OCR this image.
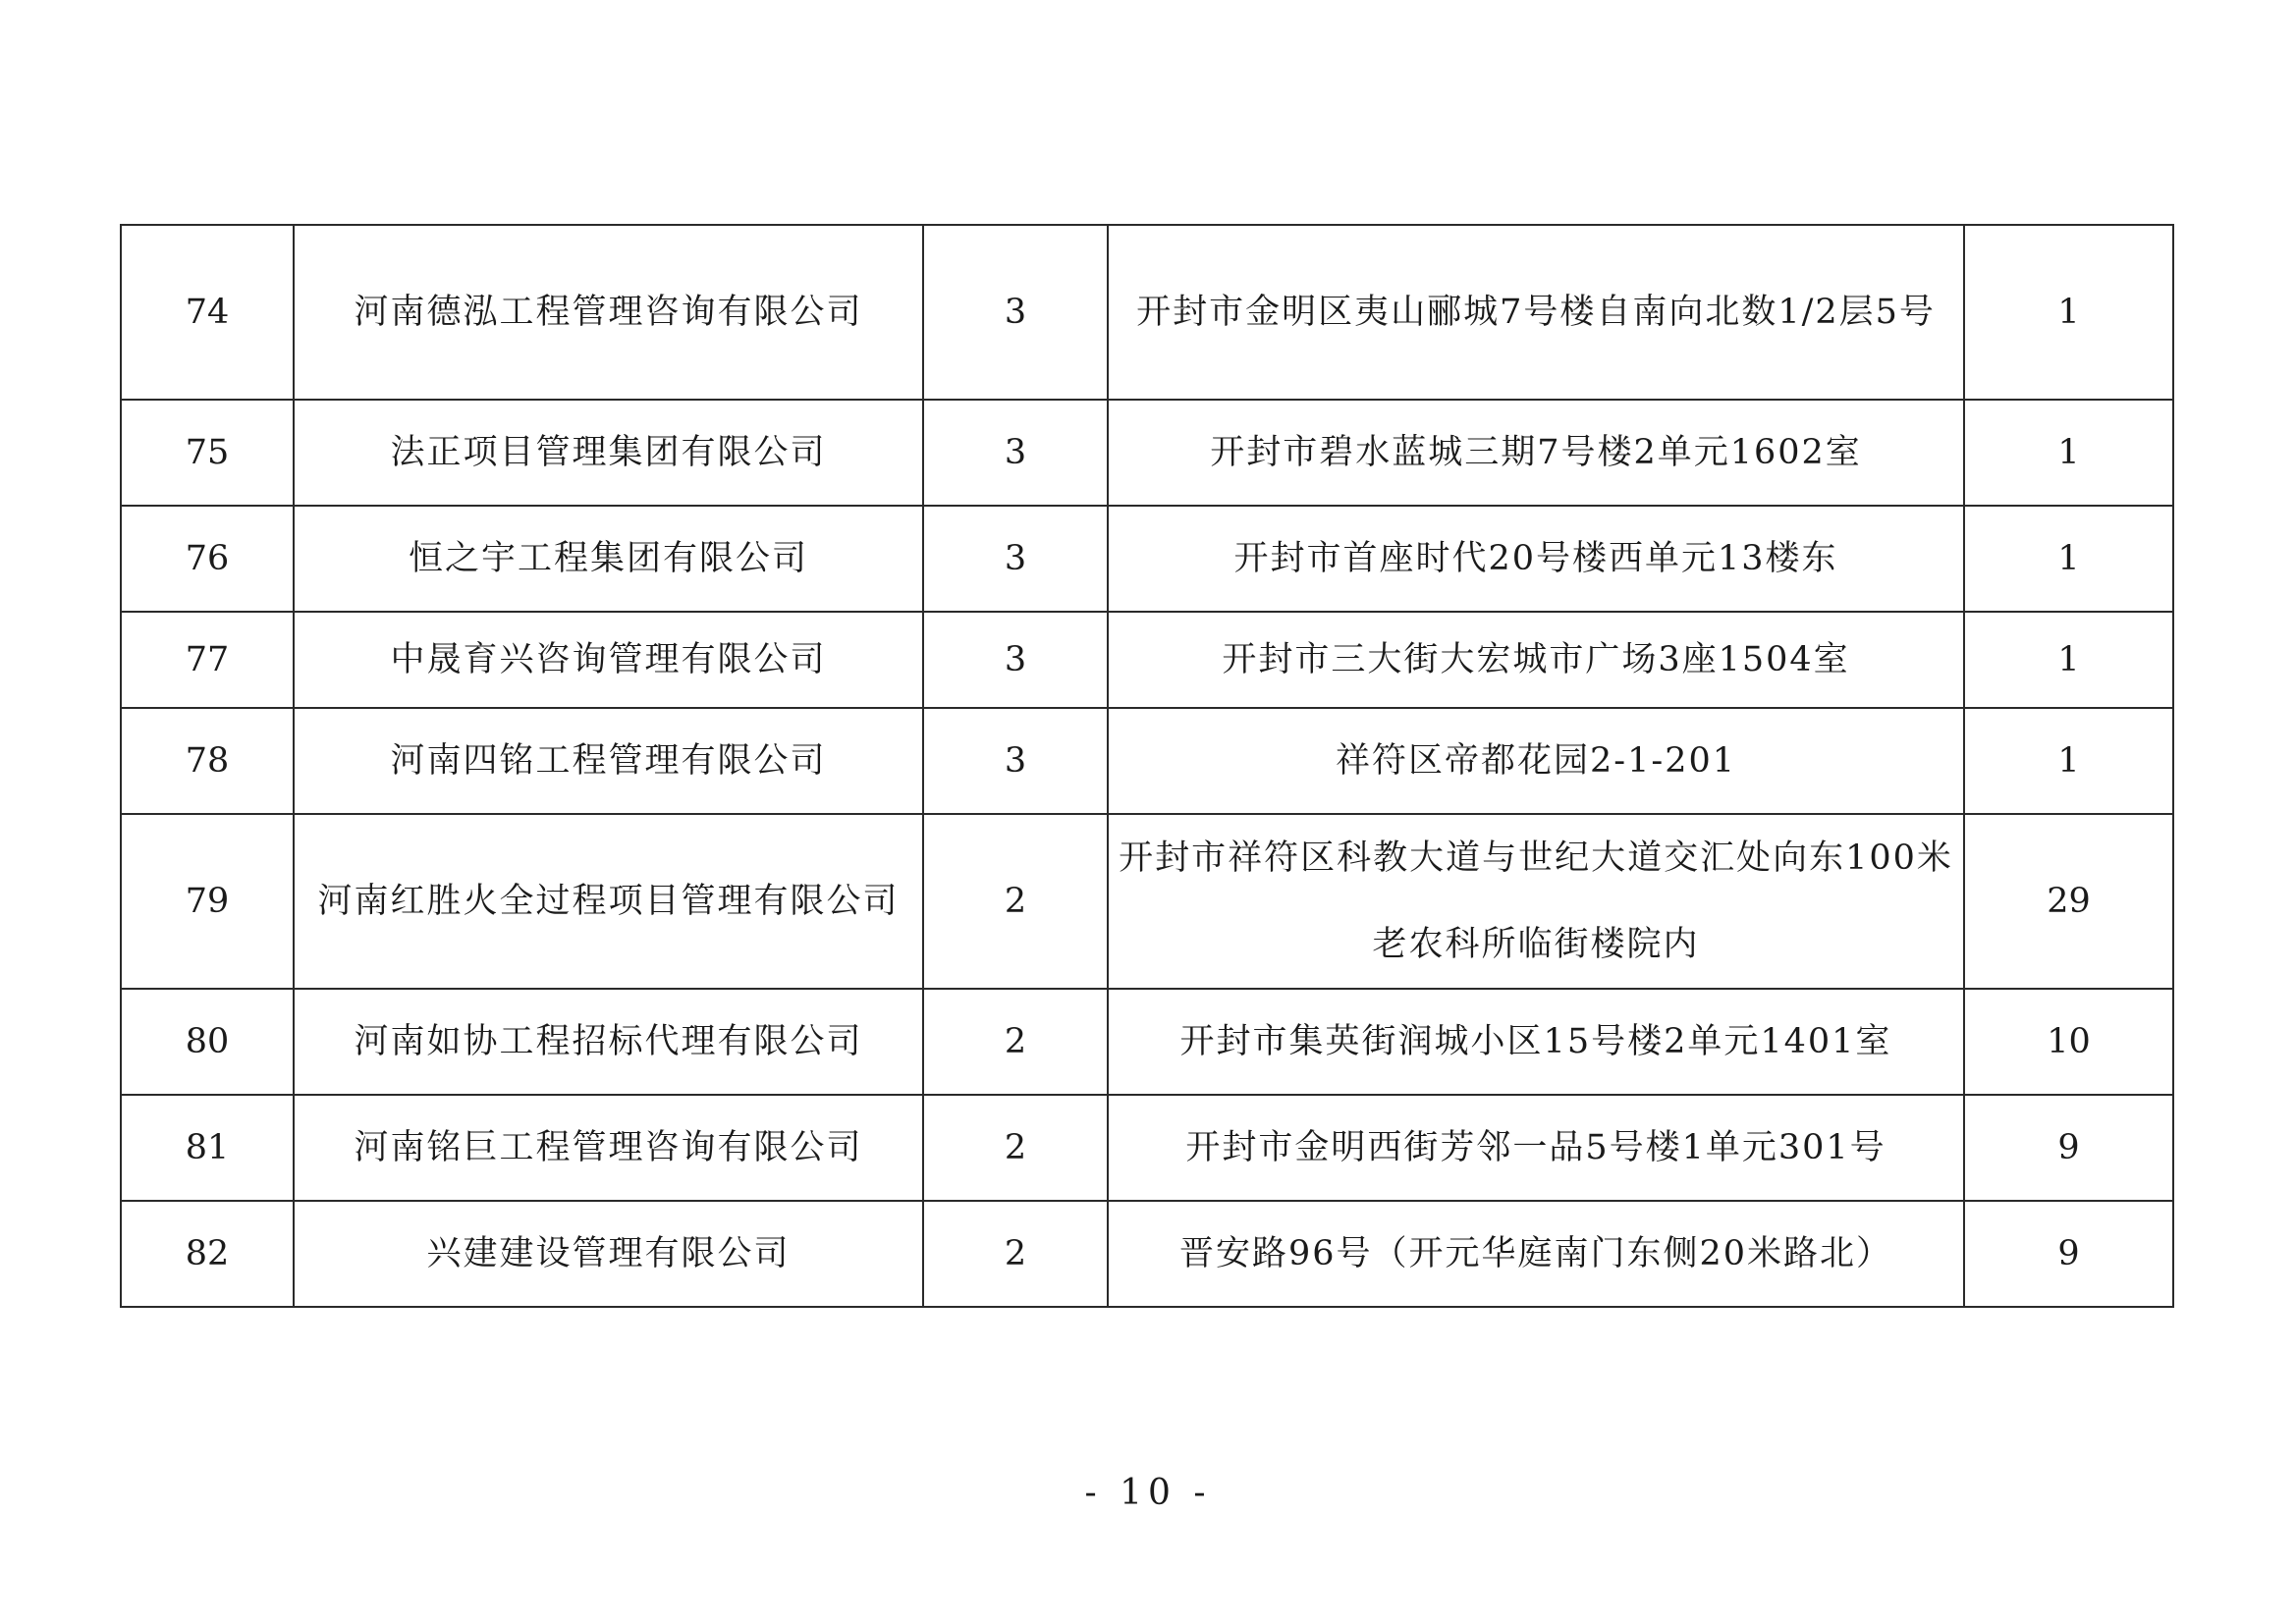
74	河南德泓工程管理咨询有限公司	3	开封市金明区夷山郦城7号楼自南向北数1/2层5号	1
75	法正项目管理集团有限公司	3	开封市碧水蓝城三期7号楼2单元1602室	1
76	恒之宇工程集团有限公司	3	开封市首座时代20号楼西单元13楼东	1
77	中晟育兴咨询管理有限公司	3	开封市三大街大宏城市广场3座1504室	1
78	河南四铭工程管理有限公司	3	祥符区帝都花园2-1-201	1
79	河南红胜火全过程项目管理有限公司	2	开封市祥符区科教大道与世纪大道交汇处向东100米老农科所临街楼院内	29
80	河南如协工程招标代理有限公司	2	开封市集英街润城小区15号楼2单元1401室	10
81	河南铭巨工程管理咨询有限公司	2	开封市金明西街芳邻一品5号楼1单元301号	9
82	兴建建设管理有限公司	2	晋安路96号（开元华庭南门东侧20米路北）	9
- 10 -
